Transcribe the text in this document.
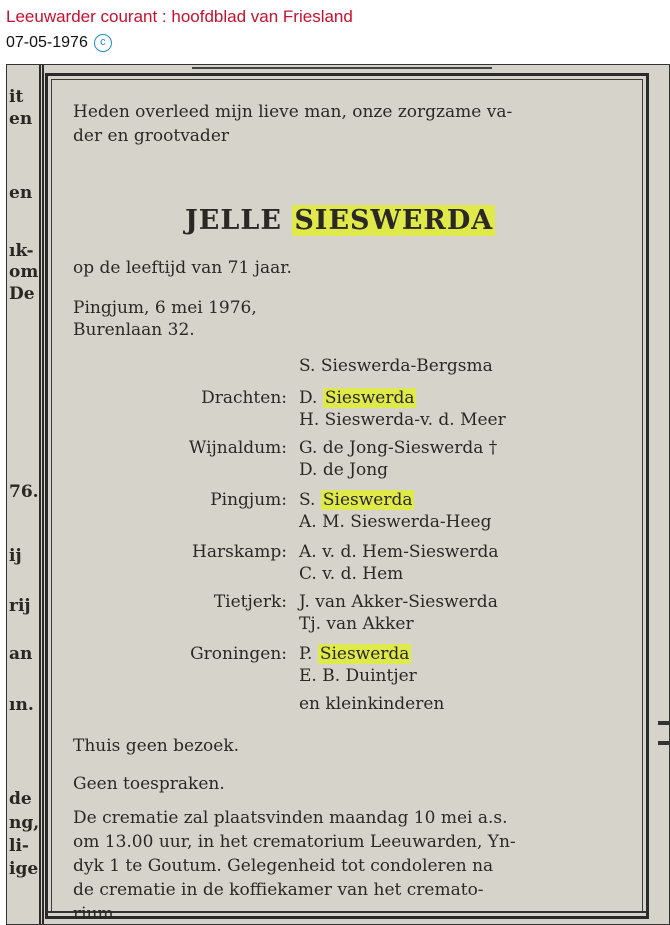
Leeuwarder courant : hoofdblad van Friesland
07-05-1976	c
it
en
en
ık-
om
De
76.
ij
rij
an
ın.
de
ng,
li-
ige
Heden overleed mijn lieve man, onze zorgzame va-
der en grootvader
JELLE SIESWERDA
op de leeftijd van 71 jaar.
Pingjum, 6 mei 1976,
Burenlaan 32.
S. Sieswerda-Bergsma
Drachten: D. Sieswerda
H. Sieswerda-v. d. Meer
Wijnaldum: G. de Jong-Sieswerda †
D. de Jong
Pingjum: S. Sieswerda
A. M. Sieswerda-Heeg
Harskamp: A. v. d. Hem-Sieswerda
C. v. d. Hem
Tietjerk: J. van Akker-Sieswerda
Tj. van Akker
Groningen: P. Sieswerda
E. B. Duintjer
en kleinkinderen
Thuis geen bezoek.
Geen toespraken.
De crematie zal plaatsvinden maandag 10 mei a.s.
om 13.00 uur, in het crematorium Leeuwarden, Yn-
dyk 1 te Goutum. Gelegenheid tot condoleren na
de crematie in de koffiekamer van het cremato-
rium.
